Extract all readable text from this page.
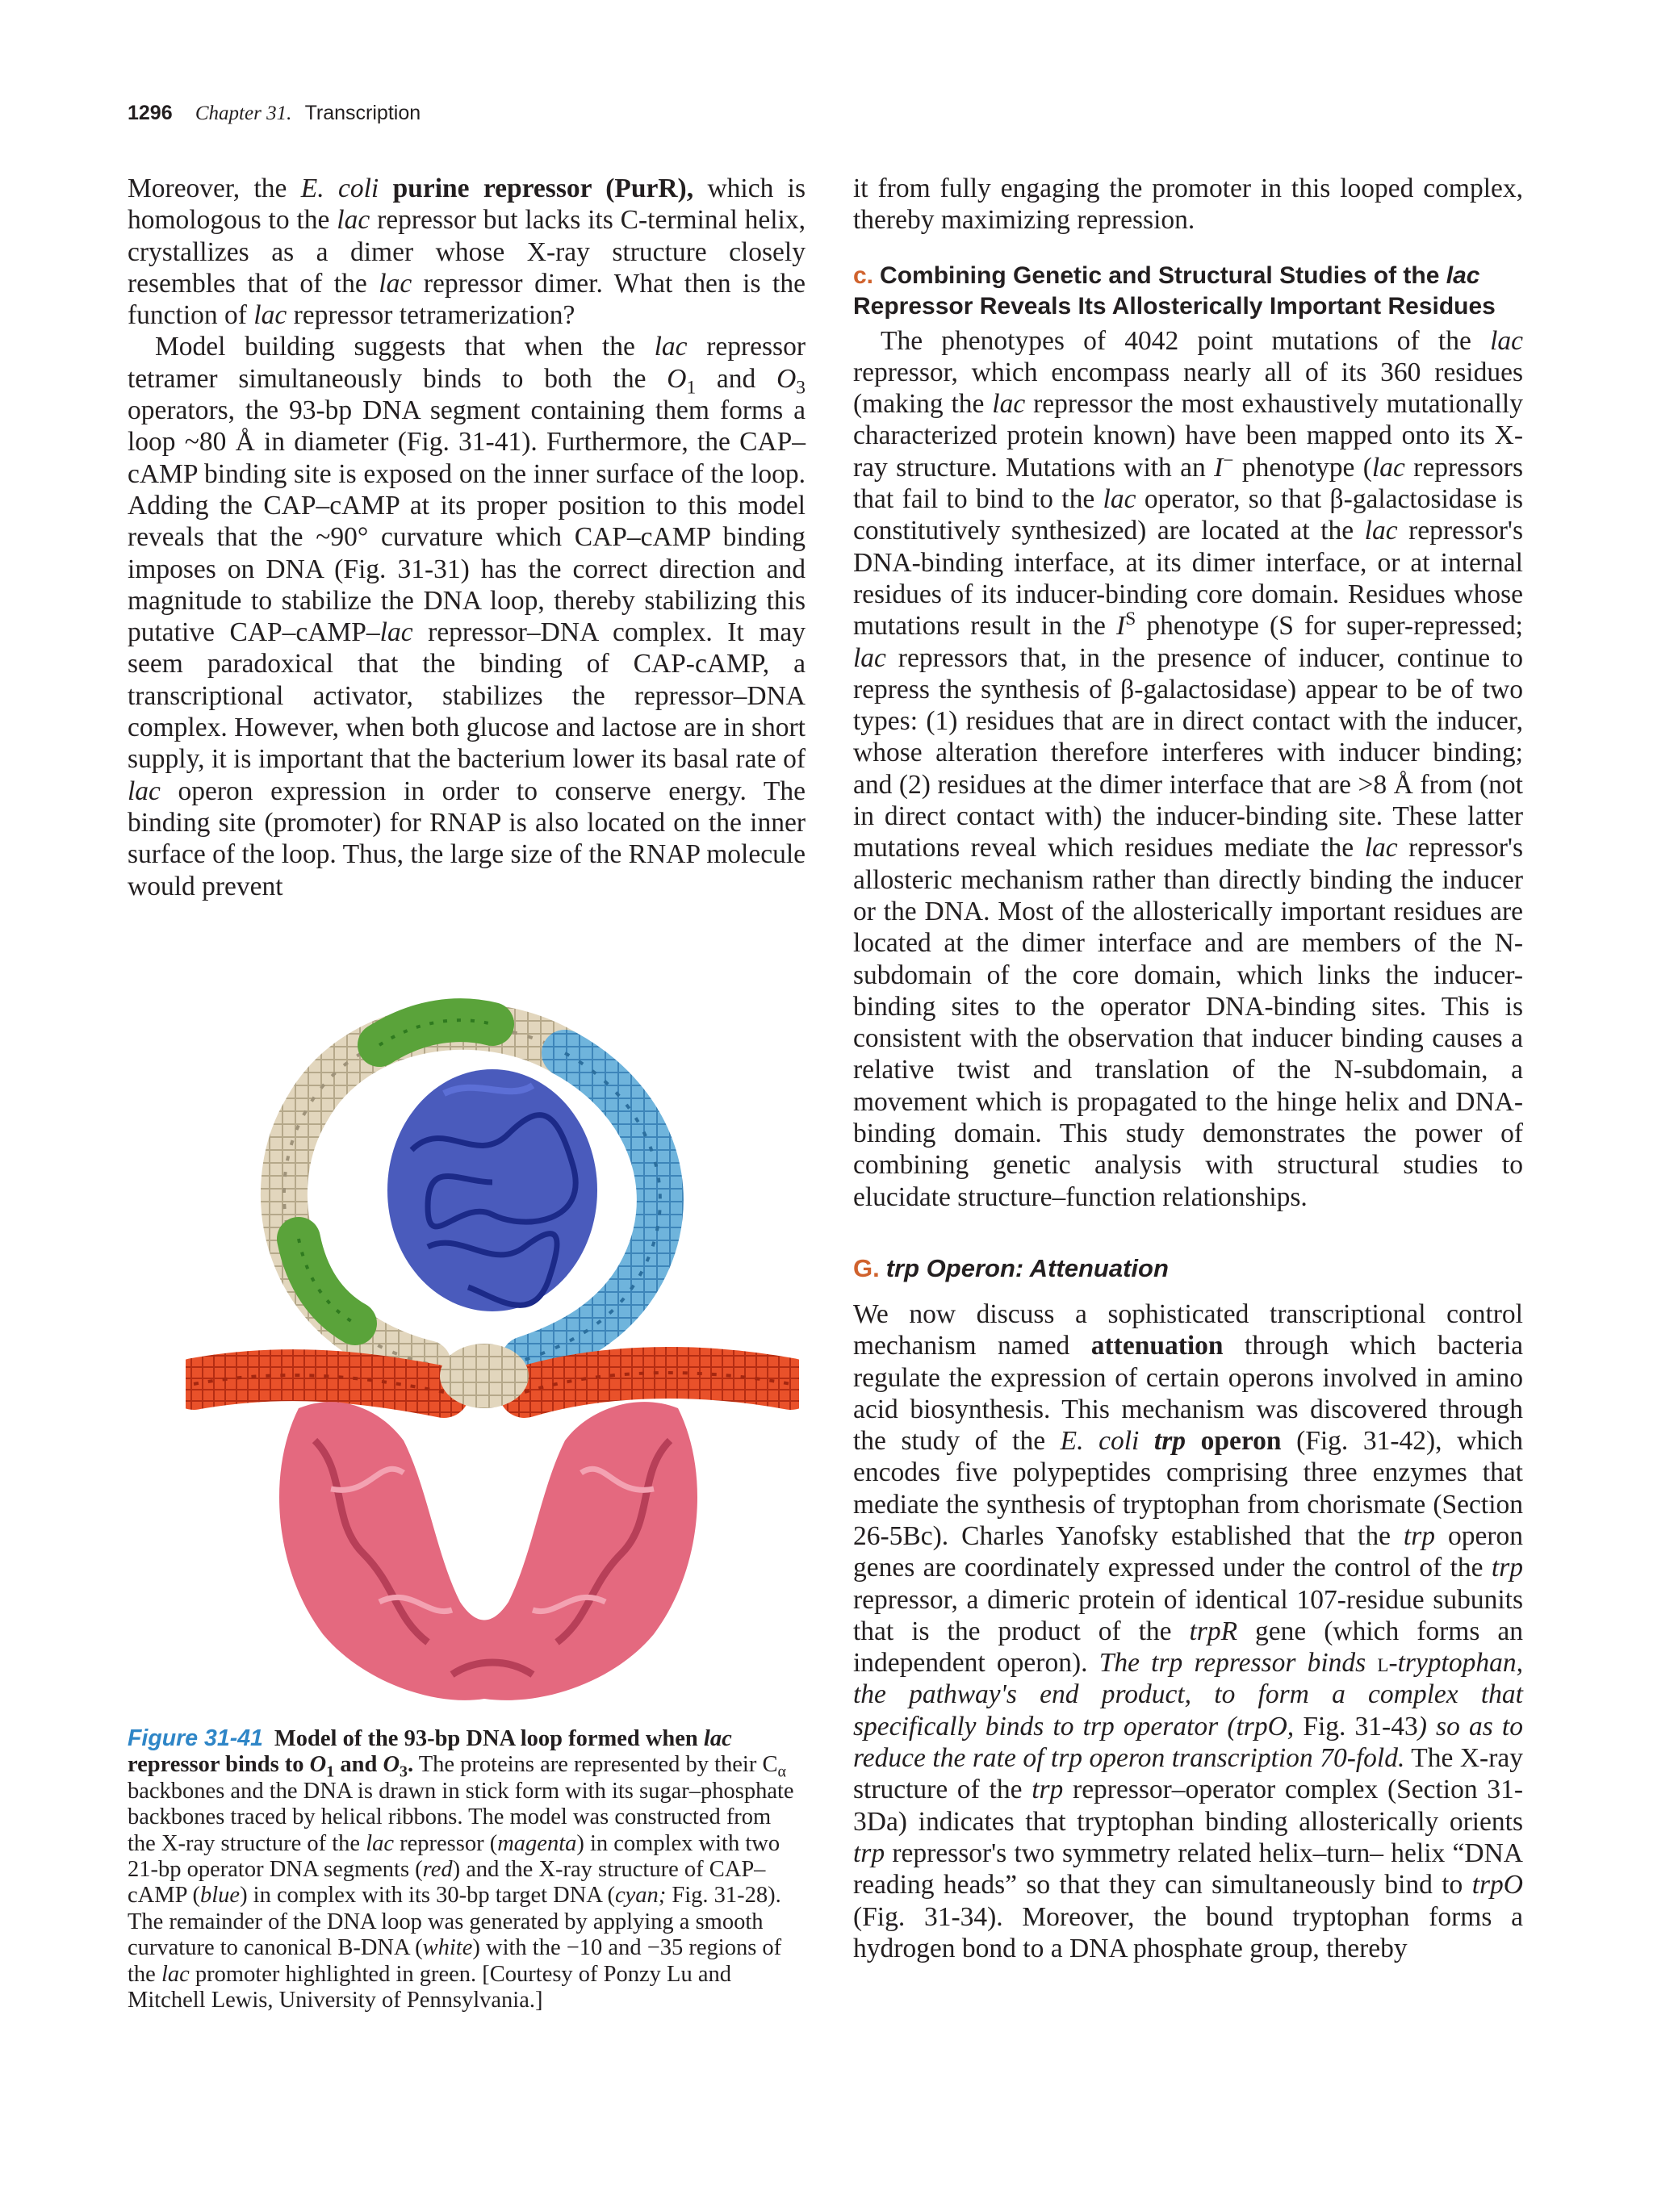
1296 Chapter 31. Transcription

Moreover, the E. coli purine repressor (PurR), which is homologous to the lac repressor but lacks its C-terminal helix, crystallizes as a dimer whose X-ray structure closely resembles that of the lac repressor dimer. What then is the function of lac repressor tetramerization?

Model building suggests that when the lac repressor tetramer simultaneously binds to both the $O_1$ and $O_3$ operators, the 93-bp DNA segment containing them forms a loop ~80 Å in diameter (Fig. 31-41). Furthermore, the CAP–cAMP binding site is exposed on the inner surface of the loop. Adding the CAP–cAMP at its proper position to this model reveals that the ~90° curvature which CAP–cAMP binding imposes on DNA (Fig. 31-31) has the correct direction and magnitude to stabilize the DNA loop, thereby stabilizing this putative CAP–cAMP–lac repressor–DNA complex. It may seem paradoxical that the binding of CAP-cAMP, a transcriptional activator, stabilizes the repressor–DNA complex. However, when both glucose and lactose are in short supply, it is important that the bacterium lower its basal rate of lac operon expression in order to conserve energy. The binding site (promoter) for RNAP is also located on the inner surface of the loop. Thus, the large size of the RNAP molecule would prevent

Figure 31-41 Model of the 93-bp DNA loop formed when lac repressor binds to $O_1$ and $O_3$. The proteins are represented by their $C_\alpha$ backbones and the DNA is drawn in stick form with its sugar–phosphate backbones traced by helical ribbons. The model was constructed from the X-ray structure of the lac repressor (magenta) in complex with two 21-bp operator DNA segments (red) and the X-ray structure of CAP–cAMP (blue) in complex with its 30-bp target DNA (cyan; Fig. 31-28). The remainder of the DNA loop was generated by applying a smooth curvature to canonical B-DNA (white) with the −10 and −35 regions of the lac promoter highlighted in green. [Courtesy of Ponzy Lu and Mitchell Lewis, University of Pennsylvania.]

it from fully engaging the promoter in this looped complex, thereby maximizing repression.

c. Combining Genetic and Structural Studies of the lac Repressor Reveals Its Allosterically Important Residues

The phenotypes of 4042 point mutations of the lac repressor, which encompass nearly all of its 360 residues (making the lac repressor the most exhaustively mutationally characterized protein known) have been mapped onto its X-ray structure. Mutations with an I− phenotype (lac repressors that fail to bind to the lac operator, so that β-galactosidase is constitutively synthesized) are located at the lac repressor's DNA-binding interface, at its dimer interface, or at internal residues of its inducer-binding core domain. Residues whose mutations result in the $I^S$ phenotype (S for super-repressed; lac repressors that, in the presence of inducer, continue to repress the synthesis of β-galactosidase) appear to be of two types: (1) residues that are in direct contact with the inducer, whose alteration therefore interferes with inducer binding; and (2) residues at the dimer interface that are >8 Å from (not in direct contact with) the inducer-binding site. These latter mutations reveal which residues mediate the lac repressor's allosteric mechanism rather than directly binding the inducer or the DNA. Most of the allosterically important residues are located at the dimer interface and are members of the N-subdomain of the core domain, which links the inducer-binding sites to the operator DNA-binding sites. This is consistent with the observation that inducer binding causes a relative twist and translation of the N-subdomain, a movement which is propagated to the hinge helix and DNA-binding domain. This study demonstrates the power of combining genetic analysis with structural studies to elucidate structure–function relationships.

G. trp Operon: Attenuation

We now discuss a sophisticated transcriptional control mechanism named attenuation through which bacteria regulate the expression of certain operons involved in amino acid biosynthesis. This mechanism was discovered through the study of the E. coli trp operon (Fig. 31-42), which encodes five polypeptides comprising three enzymes that mediate the synthesis of tryptophan from chorismate (Section 26-5Bc). Charles Yanofsky established that the trp operon genes are coordinately expressed under the control of the trp repressor, a dimeric protein of identical 107-residue subunits that is the product of the trpR gene (which forms an independent operon). The trp repressor binds l-tryptophan, the pathway's end product, to form a complex that specifically binds to trp operator (trpO, Fig. 31-43) so as to reduce the rate of trp operon transcription 70-fold. The X-ray structure of the trp repressor–operator complex (Section 31-3Da) indicates that tryptophan binding allosterically orients trp repressor's two symmetry related helix–turn– helix “DNA reading heads” so that they can simultaneously bind to trpO (Fig. 31-34). Moreover, the bound tryptophan forms a hydrogen bond to a DNA phosphate group, thereby
